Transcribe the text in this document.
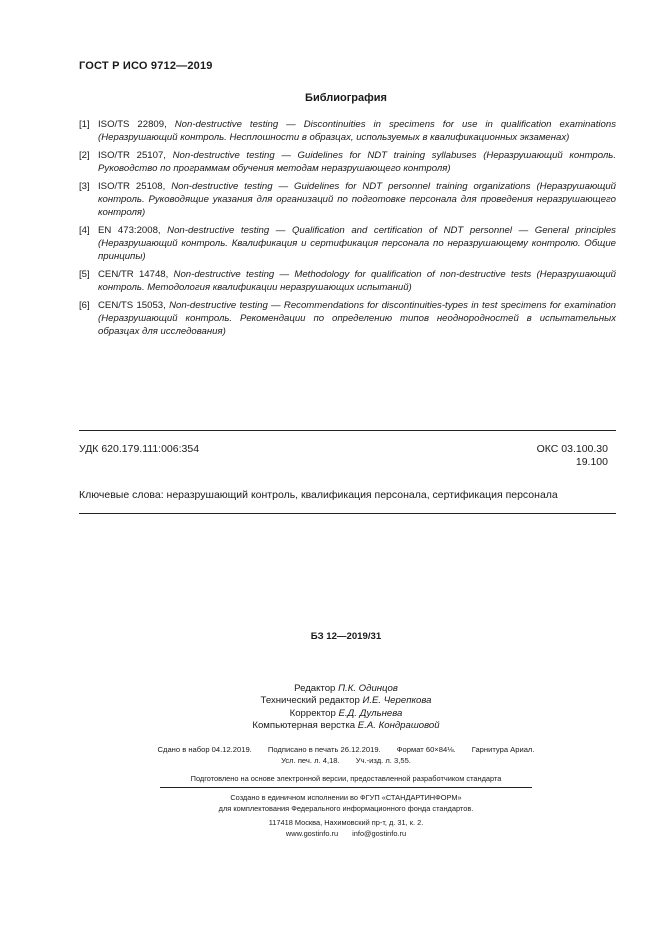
ГОСТ Р ИСО 9712—2019
Библиография
[1] ISO/TS 22809, Non-destructive testing — Discontinuities in specimens for use in qualification examinations (Неразрушающий контроль. Несплошности в образцах, используемых в квалификационных экзаменах)
[2] ISO/TR 25107, Non-destructive testing — Guidelines for NDT training syllabuses (Неразрушающий контроль. Руководство по программам обучения методам неразрушающего контроля)
[3] ISO/TR 25108, Non-destructive testing — Guidelines for NDT personnel training organizations (Неразрушающий контроль. Руководящие указания для организаций по подготовке персонала для проведения неразрушающего контроля)
[4] EN 473:2008, Non-destructive testing — Qualification and certification of NDT personnel — General principles (Неразрушающий контроль. Квалификация и сертификация персонала по неразрушающему контролю. Общие принципы)
[5] CEN/TR 14748, Non-destructive testing — Methodology for qualification of non-destructive tests (Неразрушающий контроль. Методология квалификации неразрушающих испытаний)
[6] CEN/TS 15053, Non-destructive testing — Recommendations for discontinuities-types in test specimens for examination (Неразрушающий контроль. Рекомендации по определению типов неоднородностей в испытательных образцах для исследования)
УДК 620.179.111:006:354	ОКС 03.100.30
19.100
Ключевые слова: неразрушающий контроль, квалификация персонала, сертификация персонала
БЗ 12—2019/31
Редактор П.К. Одинцов
Технический редактор И.Е. Черепкова
Корректор Е.Д. Дульнева
Компьютерная верстка Е.А. Кондрашовой
Сдано в набор 04.12.2019. Подписано в печать 26.12.2019. Формат 60×84⅛. Гарнитура Ариал.
Усл. печ. л. 4,18. Уч.-изд. л. 3,55.
Подготовлено на основе электронной версии, предоставленной разработчиком стандарта
Создано в единичном исполнении во ФГУП «СТАНДАРТИНФОРМ»
для комплектования Федерального информационного фонда стандартов.
117418 Москва, Нахимовский пр-т, д. 31, к. 2.
www.gostinfo.ru info@gostinfo.ru
